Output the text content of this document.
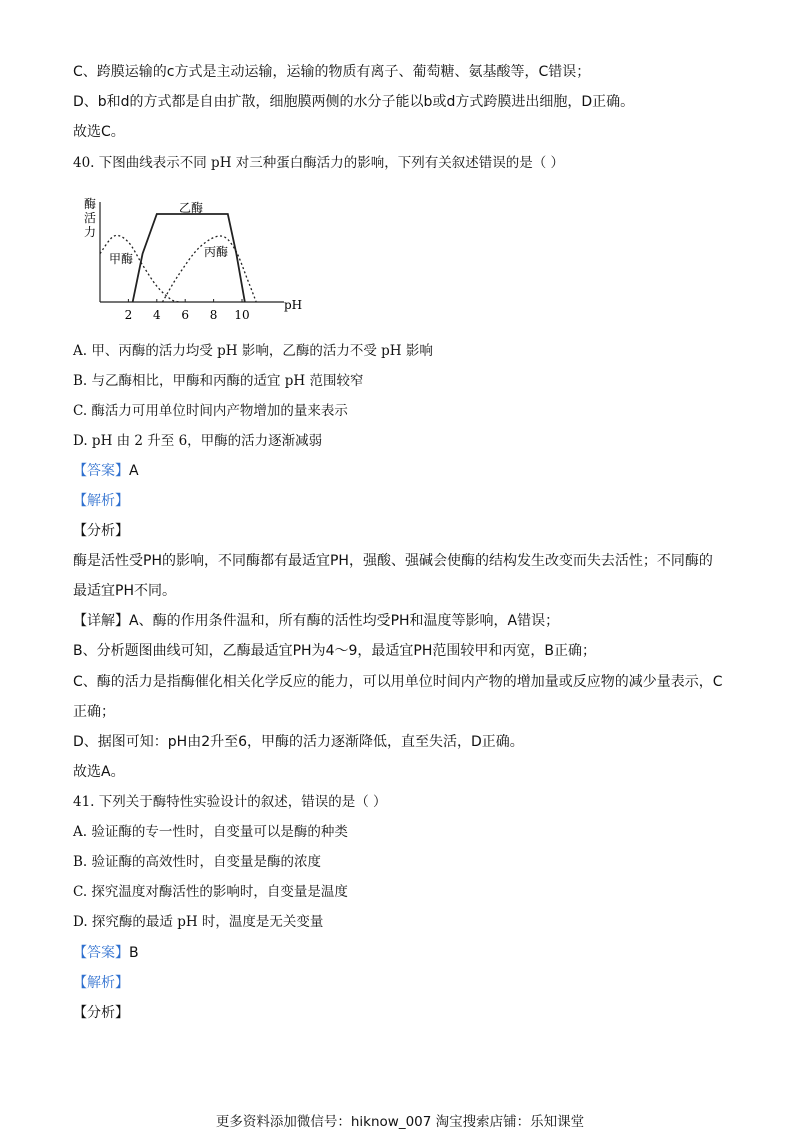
C、跨膜运输的c方式是主动运输，运输的物质有离子、葡萄糖、氨基酸等，C错误；
D、b和d的方式都是自由扩散，细胞膜两侧的水分子能以b或d方式跨膜进出细胞，D正确。
故选C。
40. 下图曲线表示不同 pH 对三种蛋白酶活力的影响，下列有关叙述错误的是（ ）
酶
活
力
pH
2 4 6 8 10
甲酶
乙酶
丙酶
A. 甲、丙酶的活力均受 pH 影响，乙酶的活力不受 pH 影响
B. 与乙酶相比，甲酶和丙酶的适宜 pH 范围较窄
C. 酶活力可用单位时间内产物增加的量来表示
D. pH 由 2 升至 6，甲酶的活力逐渐减弱
【答案】A
【解析】
【分析】
酶是活性受PH的影响，不同酶都有最适宜PH，强酸、强碱会使酶的结构发生改变而失去活性；不同酶的
最适宜PH不同。
【详解】A、酶的作用条件温和，所有酶的活性均受PH和温度等影响，A错误；
B、分析题图曲线可知，乙酶最适宜PH为4～9，最适宜PH范围较甲和丙宽，B正确；
C、酶的活力是指酶催化相关化学反应的能力，可以用单位时间内产物的增加量或反应物的减少量表示，C
正确；
D、据图可知：pH由2升至6，甲酶的活力逐渐降低，直至失活，D正确。
故选A。
41. 下列关于酶特性实验设计的叙述，错误的是（ ）
A. 验证酶的专一性时，自变量可以是酶的种类
B. 验证酶的高效性时，自变量是酶的浓度
C. 探究温度对酶活性的影响时，自变量是温度
D. 探究酶的最适 pH 时，温度是无关变量
【答案】B
【解析】
【分析】
更多资料添加微信号：hiknow_007 淘宝搜索店铺：乐知课堂
